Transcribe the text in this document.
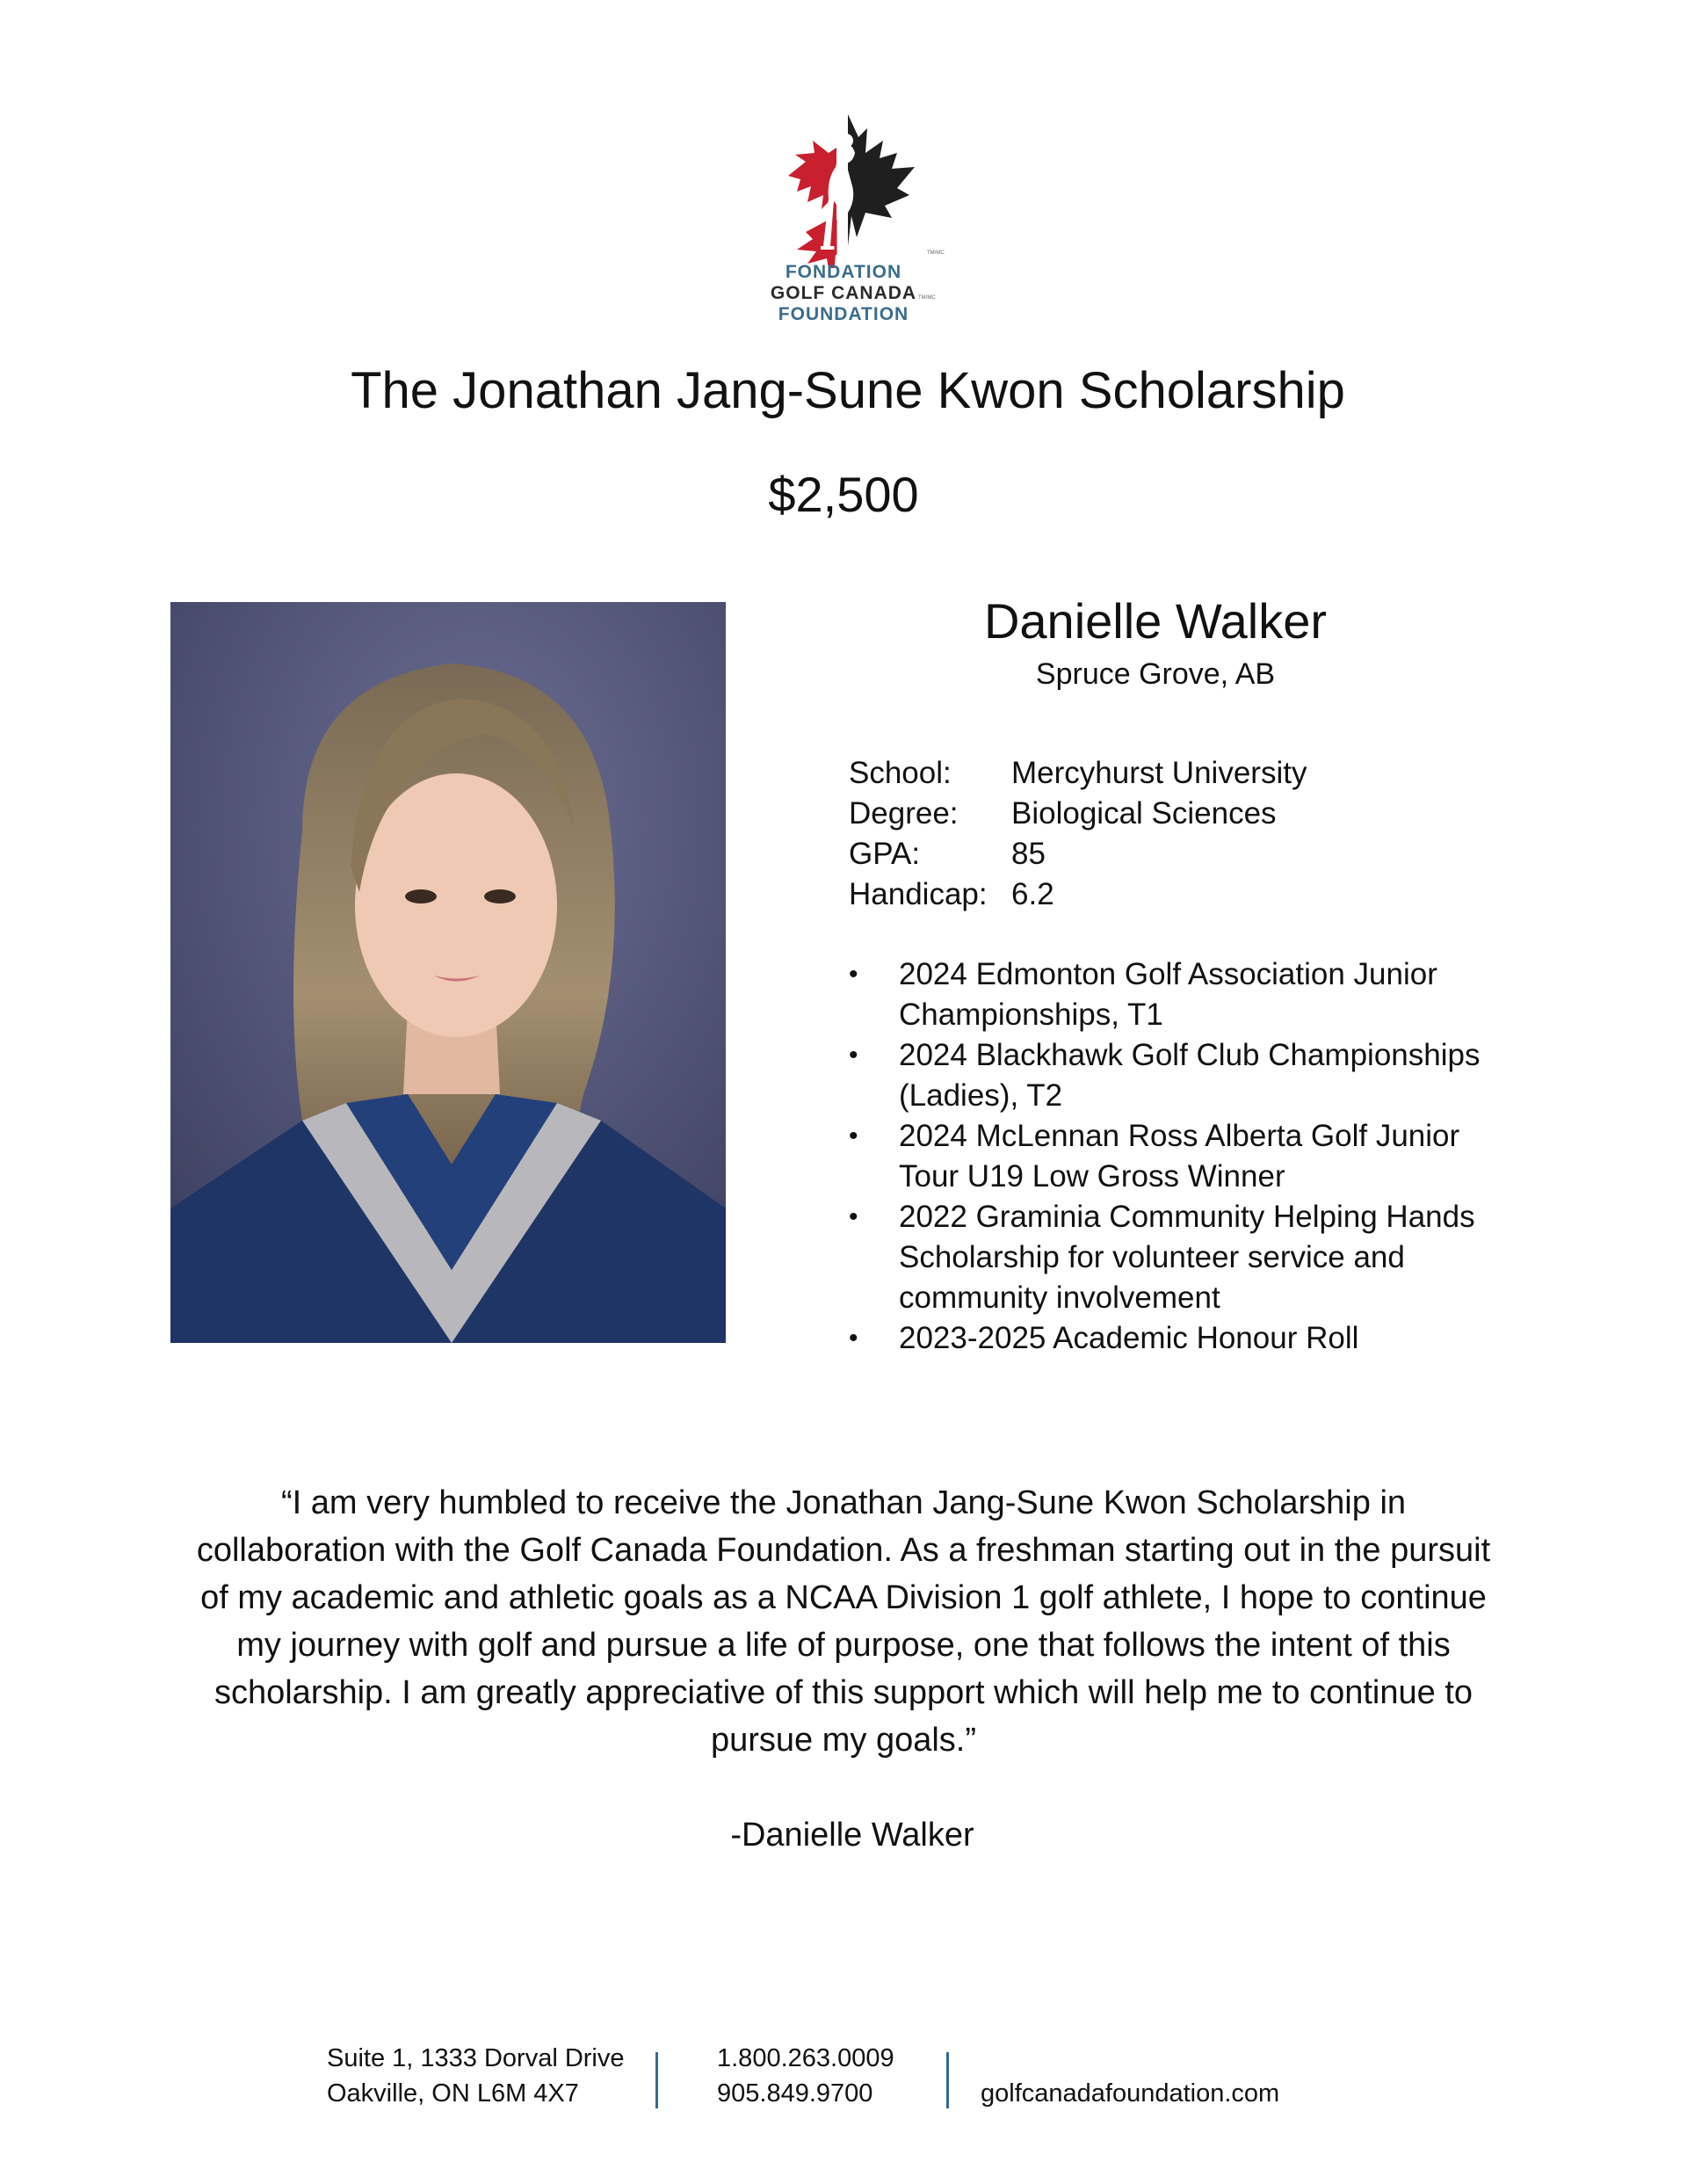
FONDATION
GOLF CANADA
FOUNDATION
TM/MC
TM/MC
The Jonathan Jang-Sune Kwon Scholarship
$2,500
Danielle Walker
Spruce Grove, AB
School: Mercyhurst University
Degree: Biological Sciences
GPA:	85
Handicap: 6.2
• 2024 Edmonton Golf Association Junior Championships, T1
• 2024 Blackhawk Golf Club Championships (Ladies), T2
• 2024 McLennan Ross Alberta Golf Junior Tour U19 Low Gross Winner
• 2022 Graminia Community Helping Hands Scholarship for volunteer service and community involvement
• 2023-2025 Academic Honour Roll
“I am very humbled to receive the Jonathan Jang-Sune Kwon Scholarship in collaboration with the Golf Canada Foundation. As a freshman starting out in the pursuit of my academic and athletic goals as a NCAA Division 1 golf athlete, I hope to continue my journey with golf and pursue a life of purpose, one that follows the intent of this scholarship. I am greatly appreciative of this support which will help me to continue to pursue my goals.”
-Danielle Walker
Suite 1, 1333 Dorval Drive
Oakville, ON L6M 4X7
1.800.263.0009
905.849.9700	golfcanadafoundation.com
